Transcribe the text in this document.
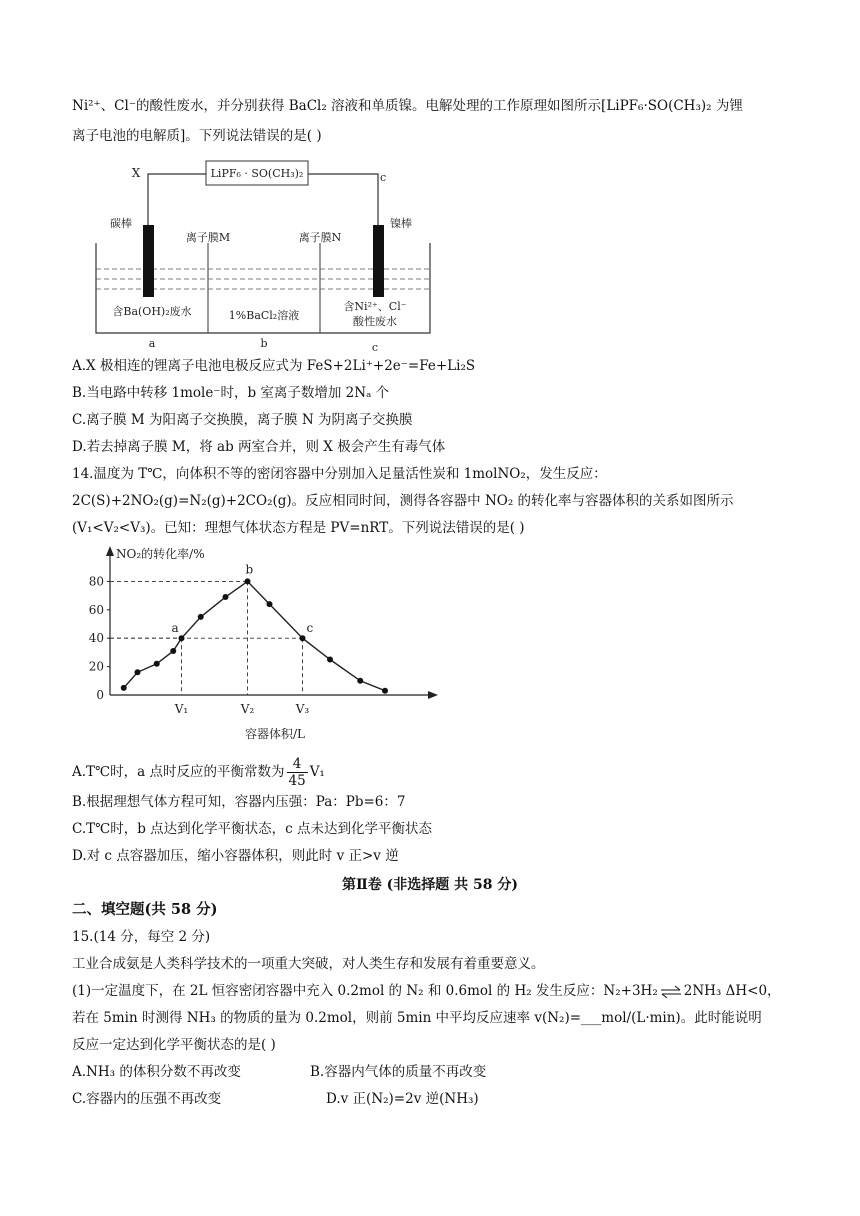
Ni²⁺、Cl⁻的酸性废水，并分别获得 BaCl₂ 溶液和单质镍。电解处理的工作原理如图所示[LiPF₆·SO(CH₃)₂ 为锂
离子电池的电解质]。下列说法错误的是( )
LiPF₆ · SO(CH₃)₂
X	c
碳棒	镍棒
离子膜M	离子膜N
含Ba(OH)₂废水	1%BaCl₂溶液
含Ni²⁺、Cl⁻
酸性废水
a	b	c
A.X 极相连的锂离子电池电极反应式为 FeS+2Li⁺+2e⁻=Fe+Li₂S
B.当电路中转移 1mole⁻时，b 室离子数增加 2Nₐ 个
C.离子膜 M 为阳离子交换膜，离子膜 N 为阴离子交换膜
D.若去掉离子膜 M，将 ab 两室合并，则 X 极会产生有毒气体
14.温度为 T℃，向体积不等的密闭容器中分别加入足量活性炭和 1molNO₂，发生反应：
2C(S)+2NO₂(g)=N₂(g)+2CO₂(g)。反应相同时间，测得各容器中 NO₂ 的转化率与容器体积的关系如图所示
(V₁<V₂<V₃)。已知：理想气体状态方程是 PV=nRT。下列说法错误的是( )
NO₂的转化率/%
容器体积/L
0
20
40
60
80
a
b
c
V₁	V₂	V₃
A.T℃时，a 点时反应的平衡常数为 $\frac{4}{45} V_1$
B.根据理想气体方程可知，容器内压强：Pa：Pb=6：7
C.T℃时，b 点达到化学平衡状态，c 点未达到化学平衡状态
D.对 c 点容器加压，缩小容器体积，则此时 v 正>v 逆
第Ⅱ卷 (非选择题 共 58 分)
二、填空题(共 58 分)
15.(14 分，每空 2 分)
工业合成氨是人类科学技术的一项重大突破，对人类生存和发展有着重要意义。
(1)一定温度下，在 2L 恒容密闭容器中充入 0.2mol 的 N₂ 和 0.6mol 的 H₂ 发生反应：N₂+3H₂ ⇌ 2NH₃ ΔH<0，
若在 5min 时测得 NH₃ 的物质的量为 0.2mol，则前 5min 中平均反应速率 v(N₂)=___mol/(L·min)。此时能说明
反应一定达到化学平衡状态的是( )
A.NH₃ 的体积分数不再改变	B.容器内气体的质量不再改变
C.容器内的压强不再改变	D.v 正(N₂)=2v 逆(NH₃)
